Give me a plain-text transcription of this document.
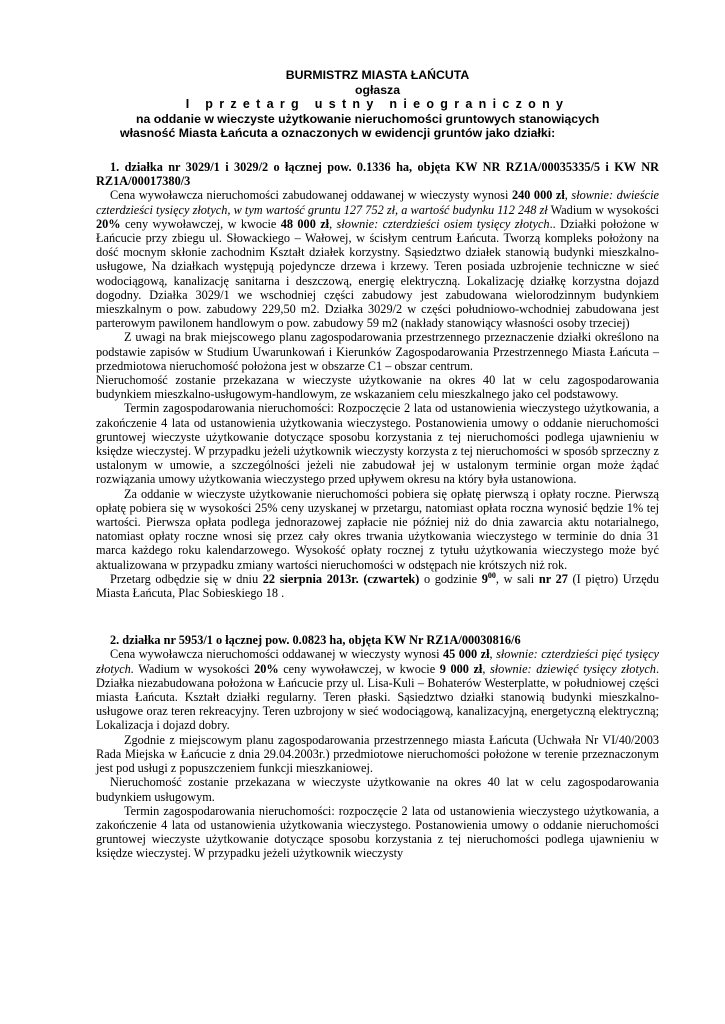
BURMISTRZ MIASTA ŁAŃCUTA
ogłasza
I przetarg ustny nieograniczony
na oddanie w wieczyste użytkowanie nieruchomości gruntowych stanowiących
własność Miasta Łańcuta a oznaczonych w ewidencji gruntów jako działki:

1. działka nr 3029/1 i 3029/2 o łącznej pow. 0.1336 ha, objęta KW NR RZ1A/00035335/5 i KW NR RZ1A/00017380/3

Cena wywoławcza nieruchomości zabudowanej oddawanej w wieczysty wynosi 240 000 zł, słownie: dwieście czterdzieści tysięcy złotych, w tym wartość gruntu 127 752 zł, a wartość budynku 112 248 zł Wadium w wysokości 20% ceny wywoławczej, w kwocie 48 000 zł, słownie: czterdzieści osiem tysięcy złotych.. Działki położone w Łańcucie przy zbiegu ul. Słowackiego – Wałowej, w ścisłym centrum Łańcuta. Tworzą kompleks położony na dość mocnym skłonie zachodnim Kształt działek korzystny. Sąsiedztwo działek stanowią budynki mieszkalno-usługowe, Na działkach występują pojedyncze drzewa i krzewy. Teren posiada uzbrojenie techniczne w sieć wodociągową, kanalizację sanitarna i deszczową, energię elektryczną. Lokalizację działkę korzystna dojazd dogodny. Działka 3029/1 we wschodniej części zabudowy jest zabudowana wielorodzinnym budynkiem mieszkalnym o pow. zabudowy 229,50 m2. Działka 3029/2 w części południowo-wchodniej zabudowana jest parterowym pawilonem handlowym o pow. zabudowy 59 m2 (nakłady stanowiący własności osoby trzeciej)

Z uwagi na brak miejscowego planu zagospodarowania przestrzennego przeznaczenie działki określono na podstawie zapisów w Studium Uwarunkowań i Kierunków Zagospodarowania Przestrzennego Miasta Łańcuta – przedmiotowa nieruchomość położona jest w obszarze C1 – obszar centrum.

Nieruchomość zostanie przekazana w wieczyste użytkowanie na okres 40 lat w celu zagospodarowania budynkiem mieszkalno-usługowym-handlowym, ze wskazaniem celu mieszkalnego jako cel podstawowy.

Termin zagospodarowania nieruchomości: Rozpoczęcie 2 lata od ustanowienia wieczystego użytkowania, a zakończenie 4 lata od ustanowienia użytkowania wieczystego. Postanowienia umowy o oddanie nieruchomości gruntowej wieczyste użytkowanie dotyczące sposobu korzystania z tej nieruchomości podlega ujawnieniu w księdze wieczystej. W przypadku jeżeli użytkownik wieczysty korzysta z tej nieruchomości w sposób sprzeczny z ustalonym w umowie, a szczególności jeżeli nie zabudował jej w ustalonym terminie organ może żądać rozwiązania umowy użytkowania wieczystego przed upływem okresu na który była ustanowiona.

Za oddanie w wieczyste użytkowanie nieruchomości pobiera się opłatę pierwszą i opłaty roczne. Pierwszą opłatę pobiera się w wysokości 25% ceny uzyskanej w przetargu, natomiast opłata roczna wynosić będzie 1% tej wartości. Pierwsza opłata podlega jednorazowej zapłacie nie później niż do dnia zawarcia aktu notarialnego, natomiast opłaty roczne wnosi się przez cały okres trwania użytkowania wieczystego w terminie do dnia 31 marca każdego roku kalendarzowego. Wysokość opłaty rocznej z tytułu użytkowania wieczystego może być aktualizowana w przypadku zmiany wartości nieruchomości w odstępach nie krótszych niż rok.

Przetarg odbędzie się w dniu 22 sierpnia 2013r. (czwartek) o godzinie $9^{00}$, w sali nr 27 (I piętro) Urzędu Miasta Łańcuta, Plac Sobieskiego 18 .

2. działka nr 5953/1 o łącznej pow. 0.0823 ha, objęta KW Nr RZ1A/00030816/6

Cena wywoławcza nieruchomości oddawanej w wieczysty wynosi 45 000 zł, słownie: czterdzieści pięć tysięcy złotych. Wadium w wysokości 20% ceny wywoławczej, w kwocie 9 000 zł, słownie: dziewięć tysięcy złotych. Działka niezabudowana położona w Łańcucie przy ul. Lisa-Kuli – Bohaterów Westerplatte, w południowej części miasta Łańcuta. Kształt działki regularny. Teren płaski. Sąsiedztwo działki stanowią budynki mieszkalno-usługowe oraz teren rekreacyjny. Teren uzbrojony w sieć wodociągową, kanalizacyjną, energetyczną elektryczną; Lokalizacja i dojazd dobry.

Zgodnie z miejscowym planu zagospodarowania przestrzennego miasta Łańcuta (Uchwała Nr VI/40/2003 Rada Miejska w Łańcucie z dnia 29.04.2003r.) przedmiotowe nieruchomości położone w terenie przeznaczonym jest pod usługi z popuszczeniem funkcji mieszkaniowej.

Nieruchomość zostanie przekazana w wieczyste użytkowanie na okres 40 lat w celu zagospodarowania budynkiem usługowym.

Termin zagospodarowania nieruchomości: rozpoczęcie 2 lata od ustanowienia wieczystego użytkowania, a zakończenie 4 lata od ustanowienia użytkowania wieczystego. Postanowienia umowy o oddanie nieruchomości gruntowej wieczyste użytkowanie dotyczące sposobu korzystania z tej nieruchomości podlega ujawnieniu w księdze wieczystej. W przypadku jeżeli użytkownik wieczysty
